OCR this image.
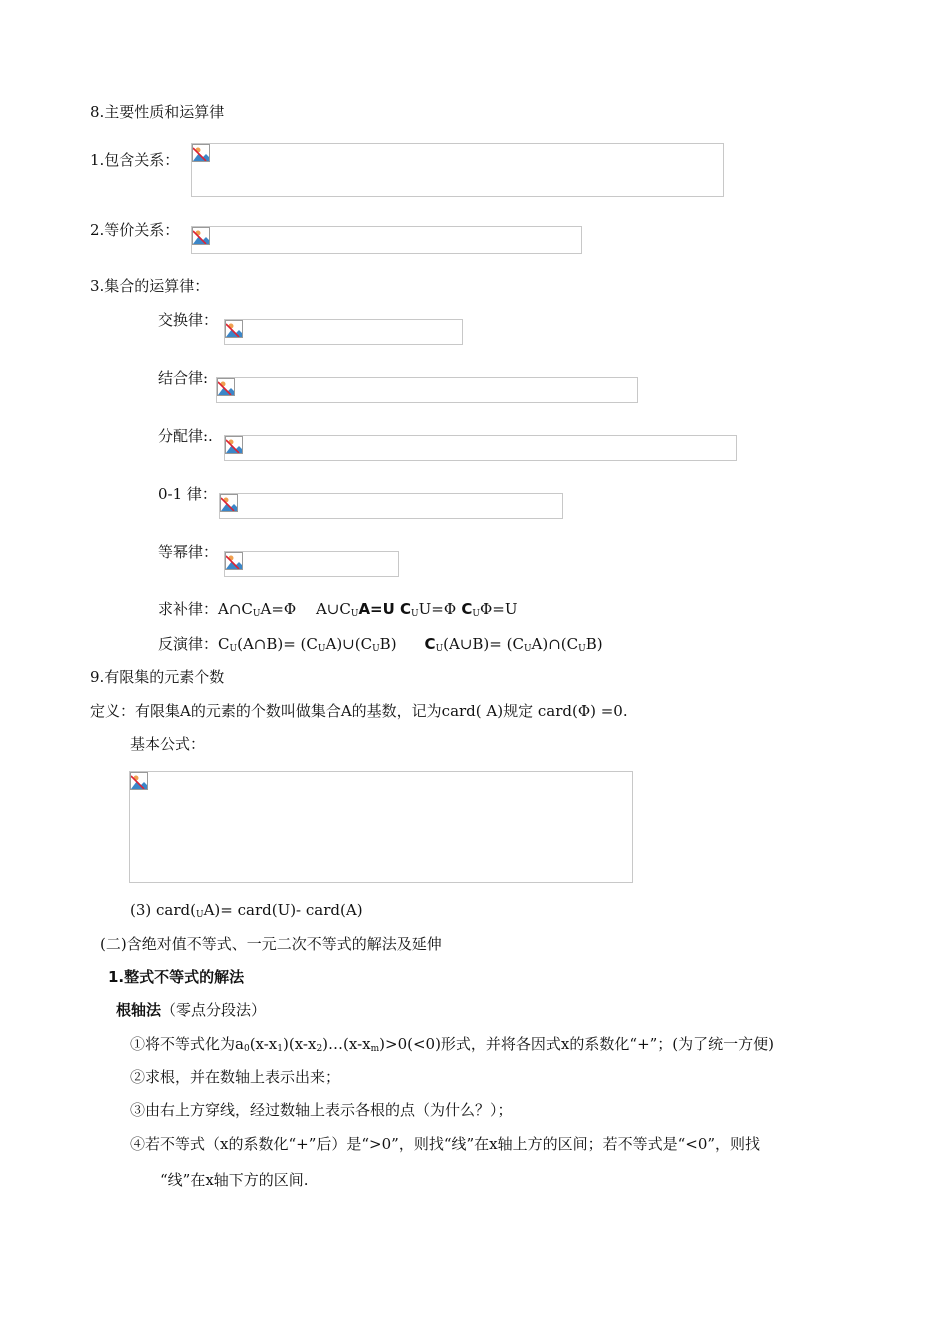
8.主要性质和运算律
1.包含关系：
2.等价关系：
3.集合的运算律：
交换律：
结合律:
分配律:.
0-1 律：
等幂律：
求补律：$A\cap C_UA=\Phi$　 $A\cup C_UA=U$ $C_UU=\Phi$ $C_U\Phi=U$
反演律：$C_U(A\cap B)=$ $(C_UA)\cup(C_UB)$ $C_U(A\cup B)=$ $(C_UA)\cap(C_UB)$
9.有限集的元素个数
定义：有限集A的元素的个数叫做集合A的基数，记为card( A)规定 card(Φ) =0.
基本公式：
(3) $card(_UA)=$ card(U)- card(A)
(二)含绝对值不等式、一元二次不等式的解法及延伸
1.整式不等式的解法
根轴法（零点分段法）
①将不等式化为$a_0(x-x_1)(x-x_2)\dots(x-x_m)>0(<0)$形式，并将各因式x的系数化“+”；(为了统一方便)
②求根，并在数轴上表示出来；
③由右上方穿线，经过数轴上表示各根的点（为什么？）；
④若不等式（x的系数化“+”后）是“>0”，则找“线”在x轴上方的区间；若不等式是“<0”，则找
“线”在x轴下方的区间.
